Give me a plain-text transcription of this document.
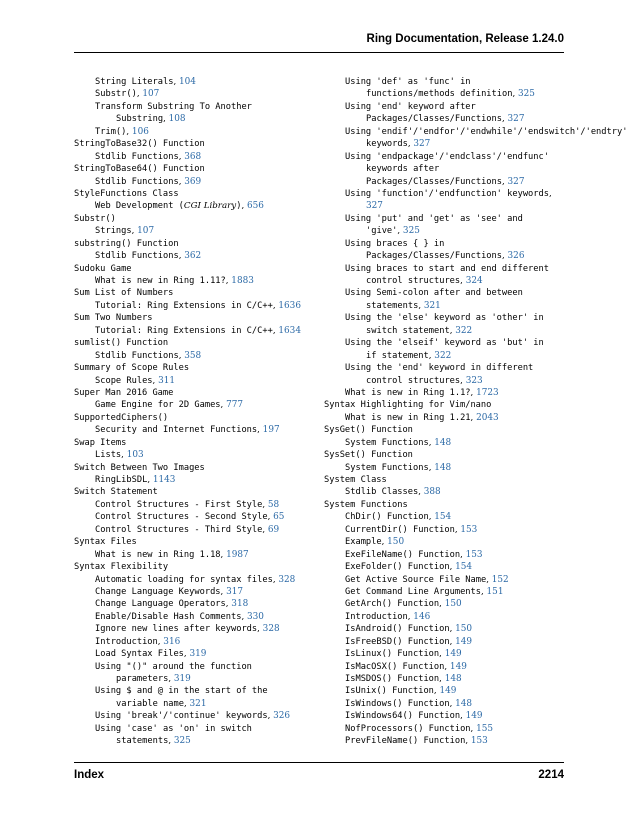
Ring Documentation, Release 1.24.0
String Literals, 104
Substr(), 107
Transform Substring To Another
Substring, 108
Trim(), 106
StringToBase32() Function
Stdlib Functions, 368
StringToBase64() Function
Stdlib Functions, 369
StyleFunctions Class
Web Development (CGI Library), 656
Substr()
Strings, 107
substring() Function
Stdlib Functions, 362
Sudoku Game
What is new in Ring 1.11?, 1883
Sum List of Numbers
Tutorial: Ring Extensions in C/C++, 1636
Sum Two Numbers
Tutorial: Ring Extensions in C/C++, 1634
sumlist() Function
Stdlib Functions, 358
Summary of Scope Rules
Scope Rules, 311
Super Man 2016 Game
Game Engine for 2D Games, 777
SupportedCiphers()
Security and Internet Functions, 197
Swap Items
Lists, 103
Switch Between Two Images
RingLibSDL, 1143
Switch Statement
Control Structures - First Style, 58
Control Structures - Second Style, 65
Control Structures - Third Style, 69
Syntax Files
What is new in Ring 1.18, 1987
Syntax Flexibility
Automatic loading for syntax files, 328
Change Language Keywords, 317
Change Language Operators, 318
Enable/Disable Hash Comments, 330
Ignore new lines after keywords, 328
Introduction, 316
Load Syntax Files, 319
Using "()" around the function
parameters, 319
Using $ and @ in the start of the
variable name, 321
Using 'break'/'continue' keywords, 326
Using 'case' as 'on' in switch
statements, 325
Using 'def' as 'func' in
functions/methods definition, 325
Using 'end' keyword after
Packages/Classes/Functions, 327
Using 'endif'/'endfor'/'endwhile'/'endswitch'/'endtry'
keywords, 327
Using 'endpackage'/'endclass'/'endfunc'
keywords after
Packages/Classes/Functions, 327
Using 'function'/'endfunction' keywords,
327
Using 'put' and 'get' as 'see' and
'give', 325
Using braces { } in
Packages/Classes/Functions, 326
Using braces to start and end different
control structures, 324
Using Semi-colon after and between
statements, 321
Using the 'else' keyword as 'other' in
switch statement, 322
Using the 'elseif' keyword as 'but' in
if statement, 322
Using the 'end' keyword in different
control structures, 323
What is new in Ring 1.1?, 1723
Syntax Highlighting for Vim/nano
What is new in Ring 1.21, 2043
SysGet() Function
System Functions, 148
SysSet() Function
System Functions, 148
System Class
Stdlib Classes, 388
System Functions
ChDir() Function, 154
CurrentDir() Function, 153
Example, 150
ExeFileName() Function, 153
ExeFolder() Function, 154
Get Active Source File Name, 152
Get Command Line Arguments, 151
GetArch() Function, 150
Introduction, 146
IsAndroid() Function, 150
IsFreeBSD() Function, 149
IsLinux() Function, 149
IsMacOSX() Function, 149
IsMSDOS() Function, 148
IsUnix() Function, 149
IsWindows() Function, 148
IsWindows64() Function, 149
NofProcessors() Function, 155
PrevFileName() Function, 153
Index	2214
